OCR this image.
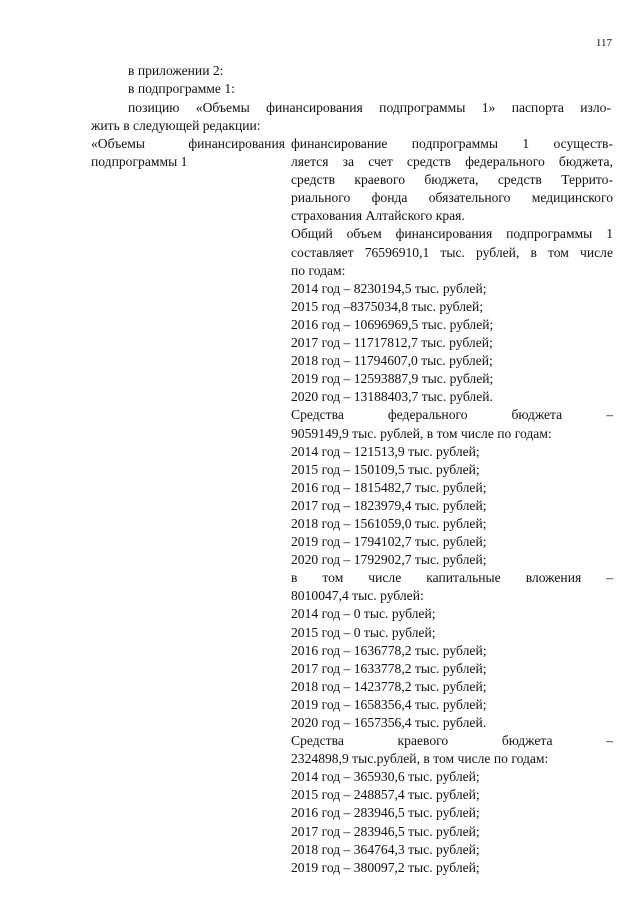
117
в приложении 2:
в подпрограмме 1:
позицию «Объемы финансирования подпрограммы 1» паспорта изло-
жить в следующей редакции:
«Объемы финансирования
подпрограммы 1
финансирование подпрограммы 1 осуществ-
ляется за счет средств федерального бюджета,
средств краевого бюджета, средств Террито-
риального фонда обязательного медицинского
страхования Алтайского края.
Общий объем финансирования подпрограммы 1
составляет 76596910,1 тыс. рублей, в том числе
по годам:
2014 год – 8230194,5 тыс. рублей;
2015 год –8375034,8 тыс. рублей;
2016 год – 10696969,5 тыс. рублей;
2017 год – 11717812,7 тыс. рублей;
2018 год – 11794607,0 тыс. рублей;
2019 год – 12593887,9 тыс. рублей;
2020 год – 13188403,7 тыс. рублей.
Средства федерального бюджета –
9059149,9 тыс. рублей, в том числе по годам:
2014 год – 121513,9 тыс. рублей;
2015 год – 150109,5 тыс. рублей;
2016 год – 1815482,7 тыс. рублей;
2017 год – 1823979,4 тыс. рублей;
2018 год – 1561059,0 тыс. рублей;
2019 год – 1794102,7 тыс. рублей;
2020 год – 1792902,7 тыс. рублей;
в том числе капитальные вложения –
8010047,4 тыс. рублей:
2014 год – 0 тыс. рублей;
2015 год – 0 тыс. рублей;
2016 год – 1636778,2 тыс. рублей;
2017 год – 1633778,2 тыс. рублей;
2018 год – 1423778,2 тыс. рублей;
2019 год – 1658356,4 тыс. рублей;
2020 год – 1657356,4 тыс. рублей.
Средства краевого бюджета –
2324898,9 тыс.рублей, в том числе по годам:
2014 год – 365930,6 тыс. рублей;
2015 год – 248857,4 тыс. рублей;
2016 год – 283946,5 тыс. рублей;
2017 год – 283946,5 тыс. рублей;
2018 год – 364764,3 тыс. рублей;
2019 год – 380097,2 тыс. рублей;
